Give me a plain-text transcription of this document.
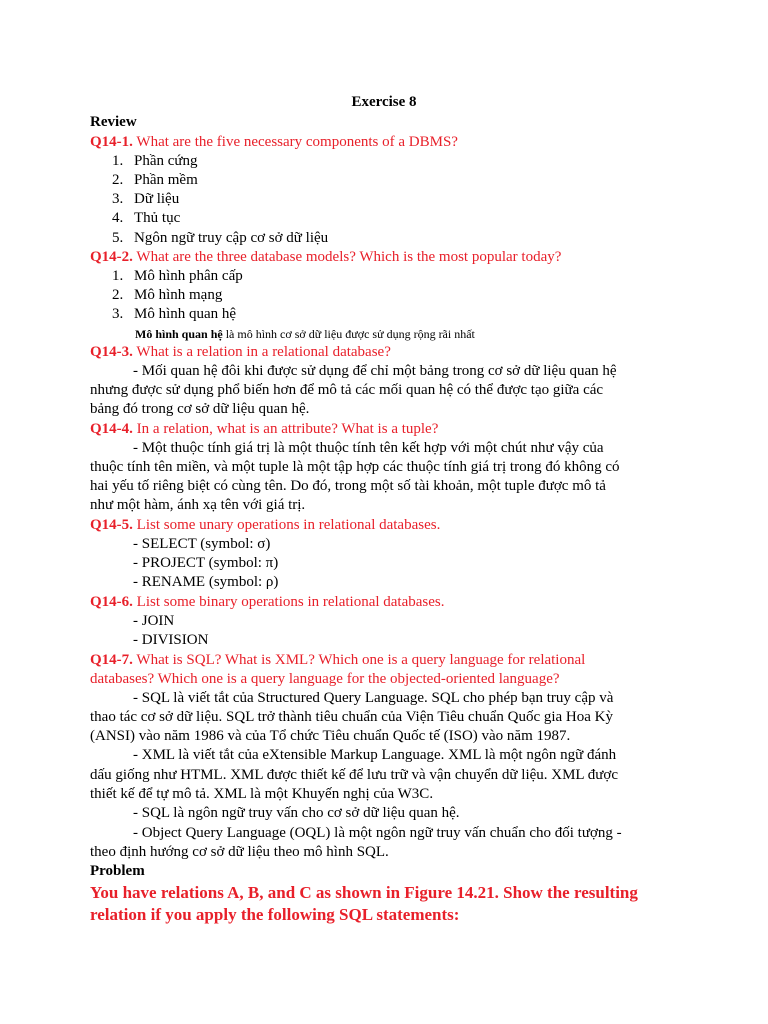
Exercise 8
Review
Q14-1. What are the five necessary components of a DBMS?
1. Phần cứng
2. Phần mềm
3. Dữ liệu
4. Thủ tục
5. Ngôn ngữ truy cập cơ sở dữ liệu
Q14-2. What are the three database models? Which is the most popular today?
1. Mô hình phân cấp
2. Mô hình mạng
3. Mô hình quan hệ
Mô hình quan hệ là mô hình cơ sở dữ liệu được sử dụng rộng rãi nhất
Q14-3. What is a relation in a relational database?
- Mối quan hệ đôi khi được sử dụng để chỉ một bảng trong cơ sở dữ liệu quan hệ
nhưng được sử dụng phổ biến hơn để mô tả các mối quan hệ có thể được tạo giữa các
bảng đó trong cơ sở dữ liệu quan hệ.
Q14-4. In a relation, what is an attribute? What is a tuple?
- Một thuộc tính giá trị là một thuộc tính tên kết hợp với một chút như vậy của
thuộc tính tên miền, và một tuple là một tập hợp các thuộc tính giá trị trong đó không có
hai yếu tố riêng biệt có cùng tên. Do đó, trong một số tài khoản, một tuple được mô tả
như một hàm, ánh xạ tên với giá trị.
Q14-5. List some unary operations in relational databases.
- SELECT (symbol: σ)
- PROJECT (symbol: π)
- RENAME (symbol: ρ)
Q14-6. List some binary operations in relational databases.
- JOIN
- DIVISION
Q14-7. What is SQL? What is XML? Which one is a query language for relational
databases? Which one is a query language for the objected-oriented language?
- SQL là viết tắt của Structured Query Language. SQL cho phép bạn truy cập và
thao tác cơ sở dữ liệu. SQL trở thành tiêu chuẩn của Viện Tiêu chuẩn Quốc gia Hoa Kỳ
(ANSI) vào năm 1986 và của Tổ chức Tiêu chuẩn Quốc tế (ISO) vào năm 1987.
- XML là viết tắt của eXtensible Markup Language. XML là một ngôn ngữ đánh
dấu giống như HTML. XML được thiết kế để lưu trữ và vận chuyển dữ liệu. XML được
thiết kế để tự mô tả. XML là một Khuyến nghị của W3C.
- SQL là ngôn ngữ truy vấn cho cơ sở dữ liệu quan hệ.
- Object Query Language (OQL) là một ngôn ngữ truy vấn chuẩn cho đối tượng -
theo định hướng cơ sở dữ liệu theo mô hình SQL.
Problem
You have relations A, B, and C as shown in Figure 14.21. Show the resulting
relation if you apply the following SQL statements:
